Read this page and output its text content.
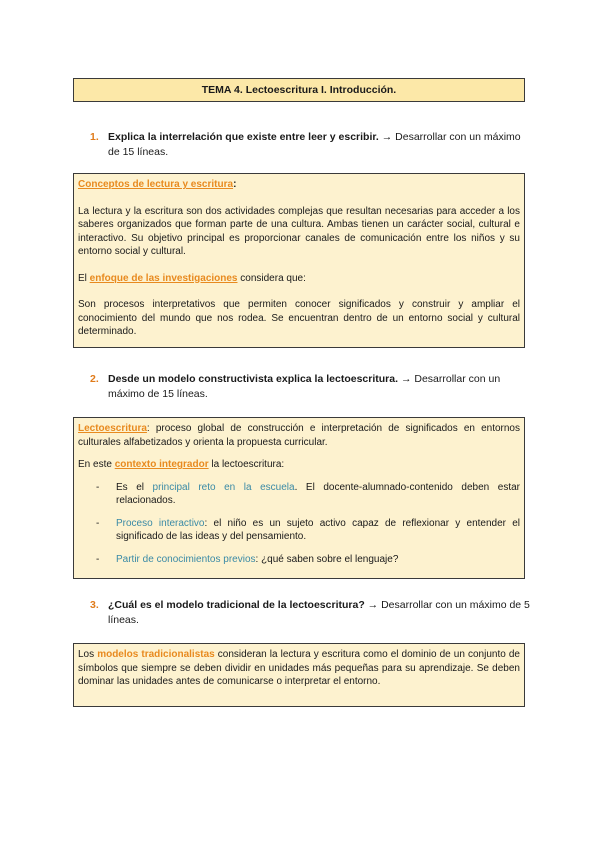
TEMA 4. Lectoescritura I. Introducción.
1. Explica la interrelación que existe entre leer y escribir. → Desarrollar con un máximo de 15 líneas.

Conceptos de lectura y escritura:

La lectura y la escritura son dos actividades complejas que resultan necesarias para acceder a los saberes organizados que forman parte de una cultura. Ambas tienen un carácter social, cultural e interactivo. Su objetivo principal es proporcionar canales de comunicación entre los niños y su entorno social y cultural.

El enfoque de las investigaciones considera que:

Son procesos interpretativos que permiten conocer significados y construir y ampliar el conocimiento del mundo que nos rodea. Se encuentran dentro de un entorno social y cultural determinado.

2. Desde un modelo constructivista explica la lectoescritura. → Desarrollar con un máximo de 15 líneas.

Lectoescritura: proceso global de construcción e interpretación de significados en entornos culturales alfabetizados y orienta la propuesta curricular.

En este contexto integrador la lectoescritura:

- Es el principal reto en la escuela. El docente-alumnado-contenido deben estar relacionados.

- Proceso interactivo: el niño es un sujeto activo capaz de reflexionar y entender el significado de las ideas y del pensamiento.

- Partir de conocimientos previos: ¿qué saben sobre el lenguaje?

3. ¿Cuál es el modelo tradicional de la lectoescritura? → Desarrollar con un máximo de 5 líneas.

Los modelos tradicionalistas consideran la lectura y escritura como el dominio de un conjunto de símbolos que siempre se deben dividir en unidades más pequeñas para su aprendizaje. Se deben dominar las unidades antes de comunicarse o interpretar el entorno.
